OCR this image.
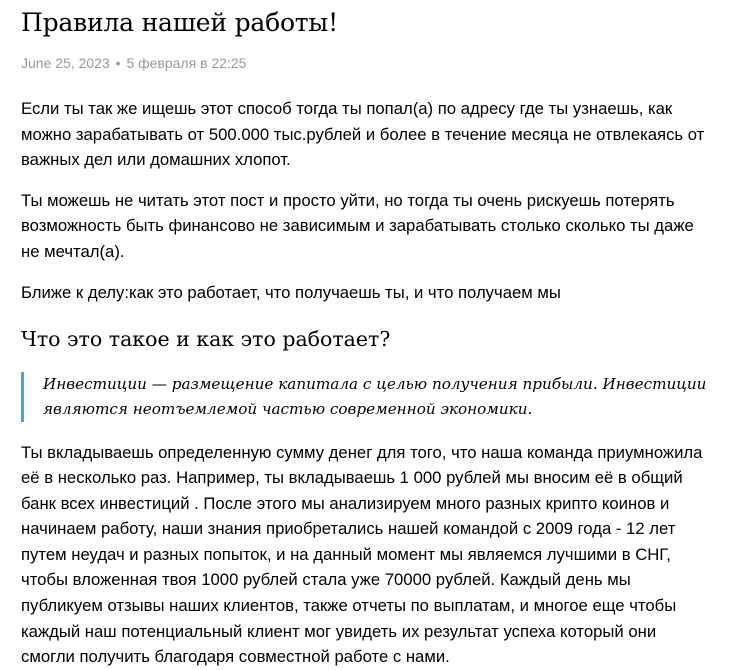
Правила нашей работы!
June 25, 2023 • 5 февраля в 22:25

Если ты так же ищешь этот способ тогда ты попал(а) по адресу где ты узнаешь, как можно зарабатывать от 500.000 тыс.рублей и более в течение месяца не отвлекаясь от важных дел или домашних хлопот.

Ты можешь не читать этот пост и просто уйти, но тогда ты очень рискуешь потерять возможность быть финансово не зависимым и зарабатывать столько сколько ты даже не мечтал(а).

Ближе к делу:как это работает, что получаешь ты, и что получаем мы

Что это такое и как это работает?

Инвестиции — размещение капитала с целью получения прибыли. Инвестиции являются неотъемлемой частью современной экономики.

Ты вкладываешь определенную сумму денег для того, что наша команда приумножила её в несколько раз. Например, ты вкладываешь 1 000 рублей мы вносим её в общий банк всех инвестиций . После этого мы анализируем много разных крипто коинов и начинаем работу, наши знания приобретались нашей командой с 2009 года - 12 лет путем неудач и разных попыток, и на данный момент мы являемся лучшими в СНГ, чтобы вложенная твоя 1000 рублей стала уже 70000 рублей. Каждый день мы публикуем отзывы наших клиентов, также отчеты по выплатам, и многое еще чтобы каждый наш потенциальный клиент мог увидеть их результат успеха который они смогли получить благодаря совместной работе с нами.
